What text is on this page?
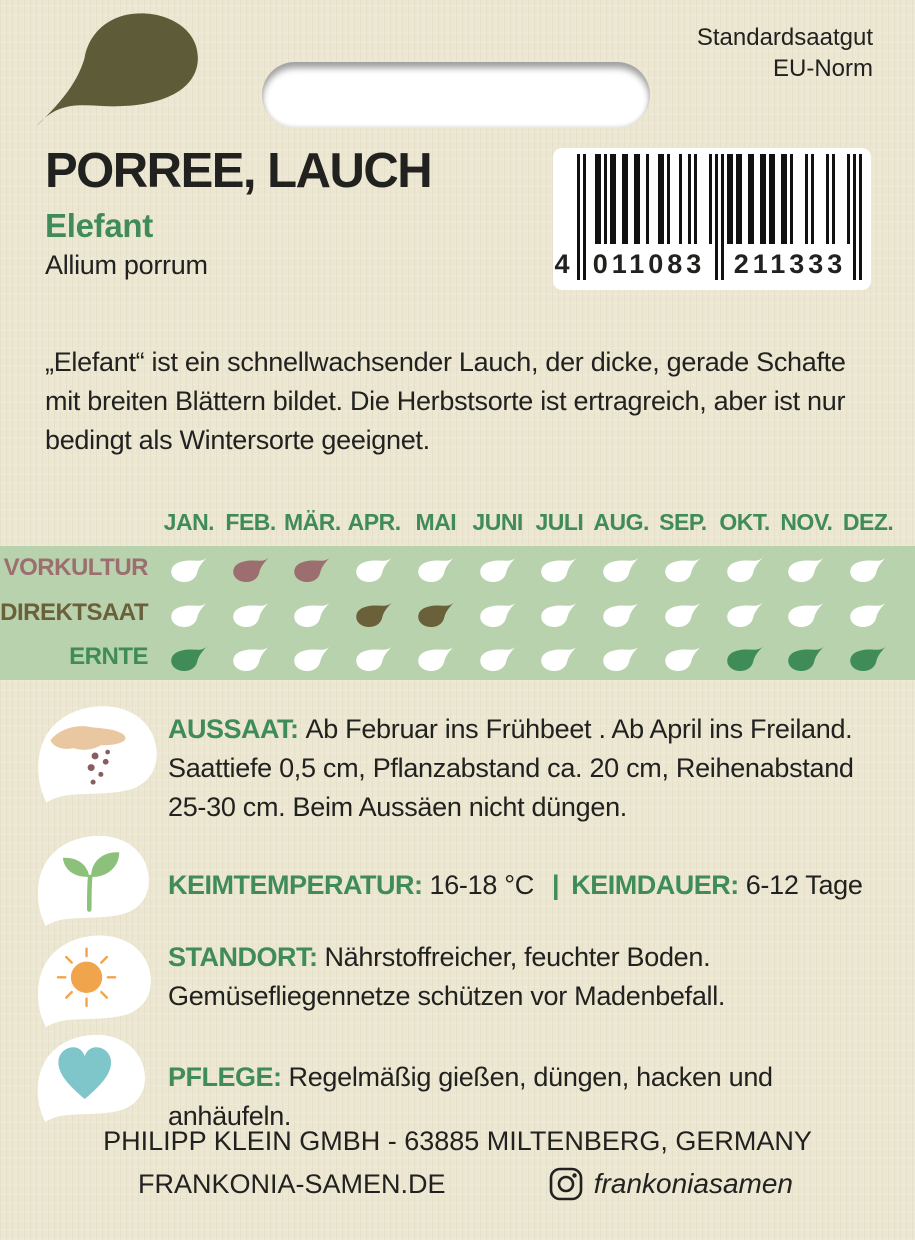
Standardsaatgut
EU-Norm
PORREE, LAUCH
Elefant
Allium porrum	4 011083 211333

„Elefant“ ist ein schnellwachsender Lauch, der dicke, gerade Schafte mit breiten Blättern bildet. Die Herbstsorte ist ertragreich, aber ist nur bedingt als Wintersorte geeignet.

JAN. FEB. MÄR. APR. MAI JUNI JULI AUG. SEP. OKT. NOV. DEZ.
VORKULTUR
DIREKTSAAT
ERNTE

AUSSAAT: Ab Februar ins Frühbeet . Ab April ins Freiland. Saattiefe 0,5 cm, Pflanzabstand ca. 20 cm, Reihenabstand 25-30 cm. Beim Aussäen nicht düngen.

KEIMTEMPERATUR: 16-18 °C | KEIMDAUER: 6-12 Tage

STANDORT: Nährstoffreicher, feuchter Boden. Gemüsefliegennetze schützen vor Madenbefall.

PFLEGE: Regelmäßig gießen, düngen, hacken und anhäufeln.

PHILIPP KLEIN GMBH - 63885 MILTENBERG, GERMANY
FRANKONIA-SAMEN.DE	frankoniasamen
